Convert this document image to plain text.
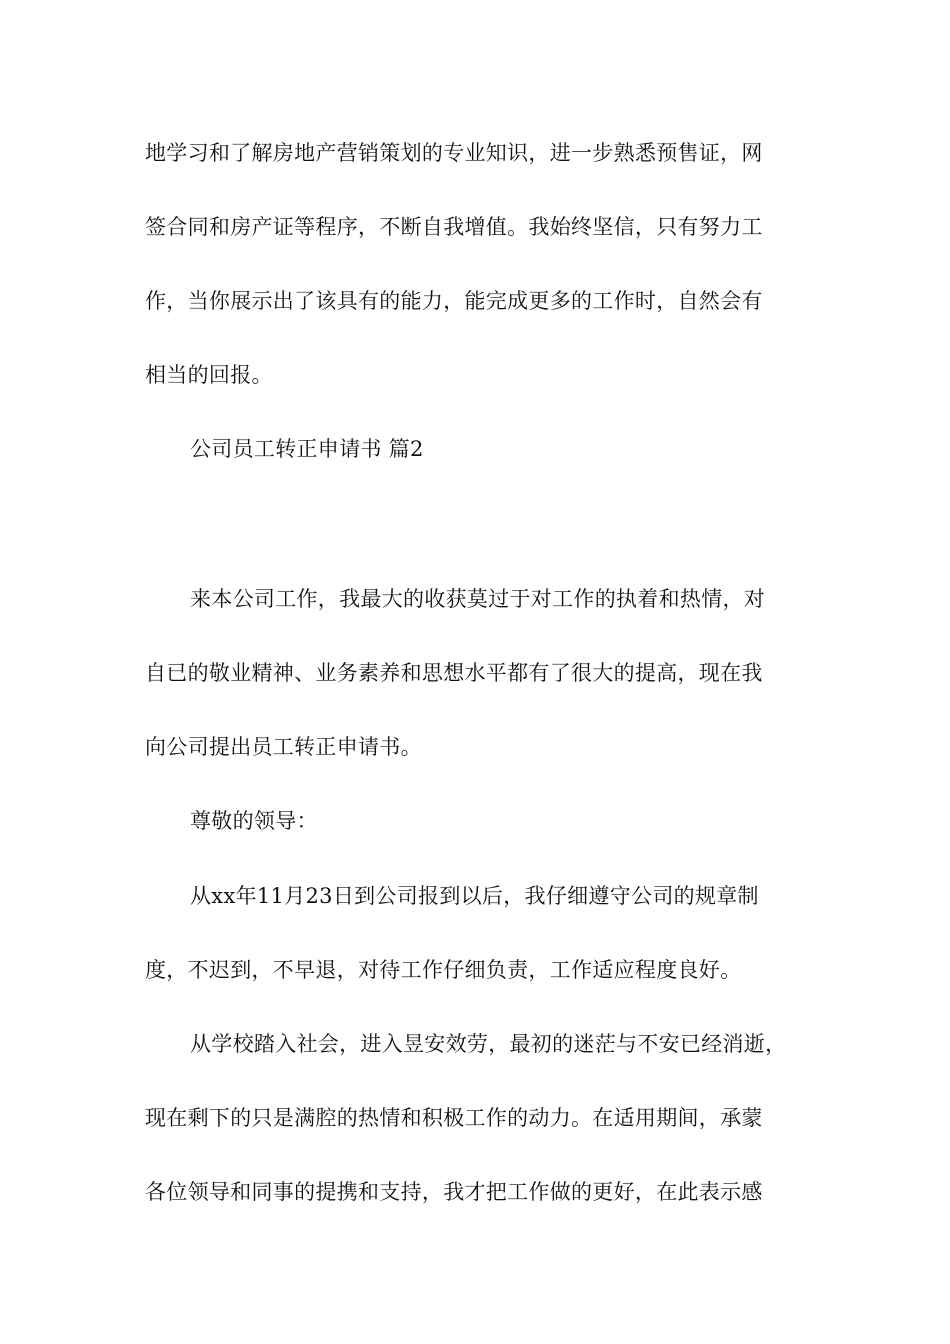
地学习和了解房地产营销策划的专业知识，进一步熟悉预售证，网
签合同和房产证等程序，不断自我增值。我始终坚信，只有努力工
作，当你展示出了该具有的能力，能完成更多的工作时，自然会有
相当的回报。
公司员工转正申请书 篇2
来本公司工作，我最大的收获莫过于对工作的执着和热情，对
自已的敬业精神、业务素养和思想水平都有了很大的提高，现在我
向公司提出员工转正申请书。
尊敬的领导：
从xx年11月23日到公司报到以后，我仔细遵守公司的规章制
度，不迟到，不早退，对待工作仔细负责，工作适应程度良好。
从学校踏入社会，进入昱安效劳，最初的迷茫与不安已经消逝，
现在剩下的只是满腔的热情和积极工作的动力。在适用期间，承蒙
各位领导和同事的提携和支持，我才把工作做的更好，在此表示感
